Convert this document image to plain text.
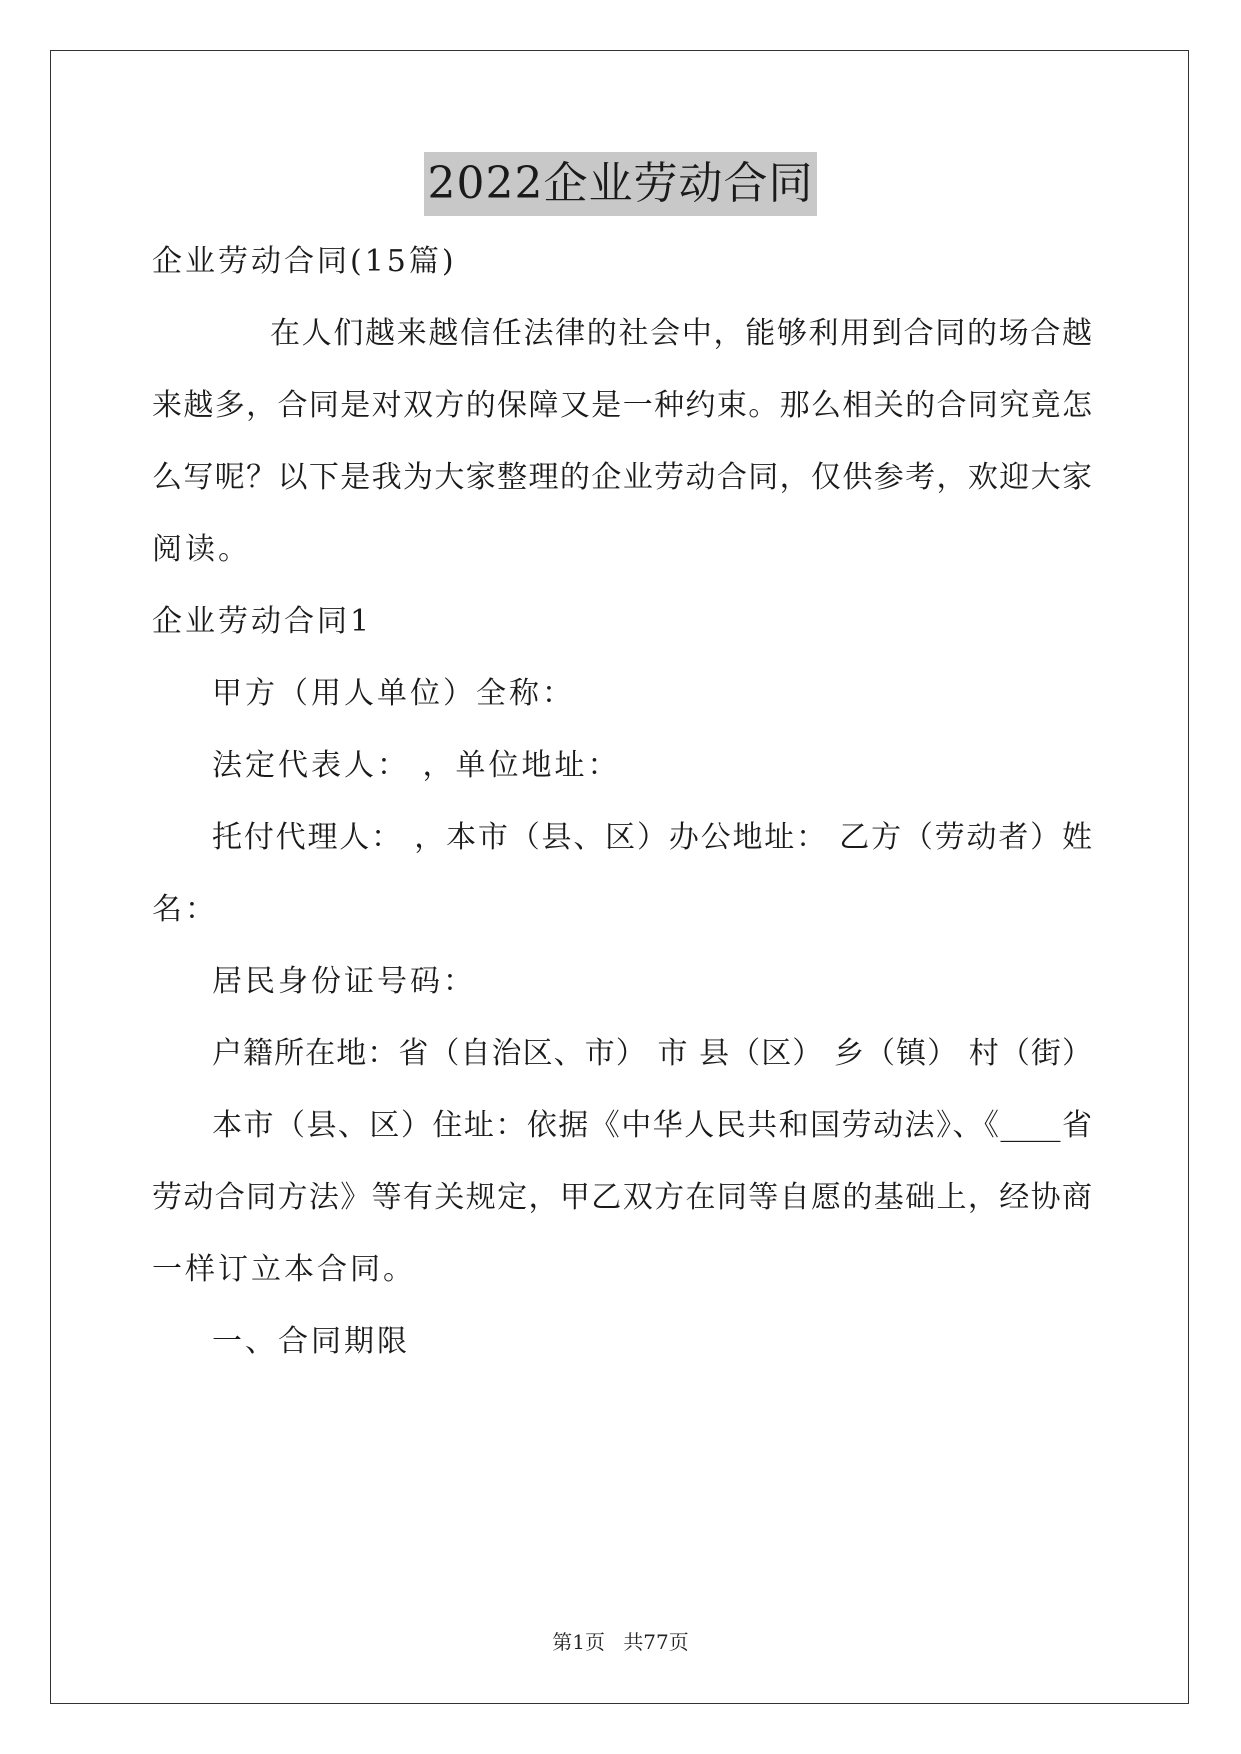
2022企业劳动合同
企业劳动合同(15篇)
在人们越来越信任法律的社会中，能够利用到合同的场合越
来越多，合同是对双方的保障又是一种约束。那么相关的合同究竟怎
么写呢？以下是我为大家整理的企业劳动合同，仅供参考，欢迎大家
阅读。
企业劳动合同1
甲方（用人单位）全称：
法定代表人： ，单位地址：
托付代理人： ，本市（县、区）办公地址： 乙方（劳动者）姓
名：
居民身份证号码：
户籍所在地：省（自治区、市） 市 县（区） 乡（镇） 村（街）
本市（县、区）住址：依据《中华人民共和国劳动法》、《____省
劳动合同方法》等有关规定，甲乙双方在同等自愿的基础上，经协商
一样订立本合同。
一、合同期限
第1页 共77页
